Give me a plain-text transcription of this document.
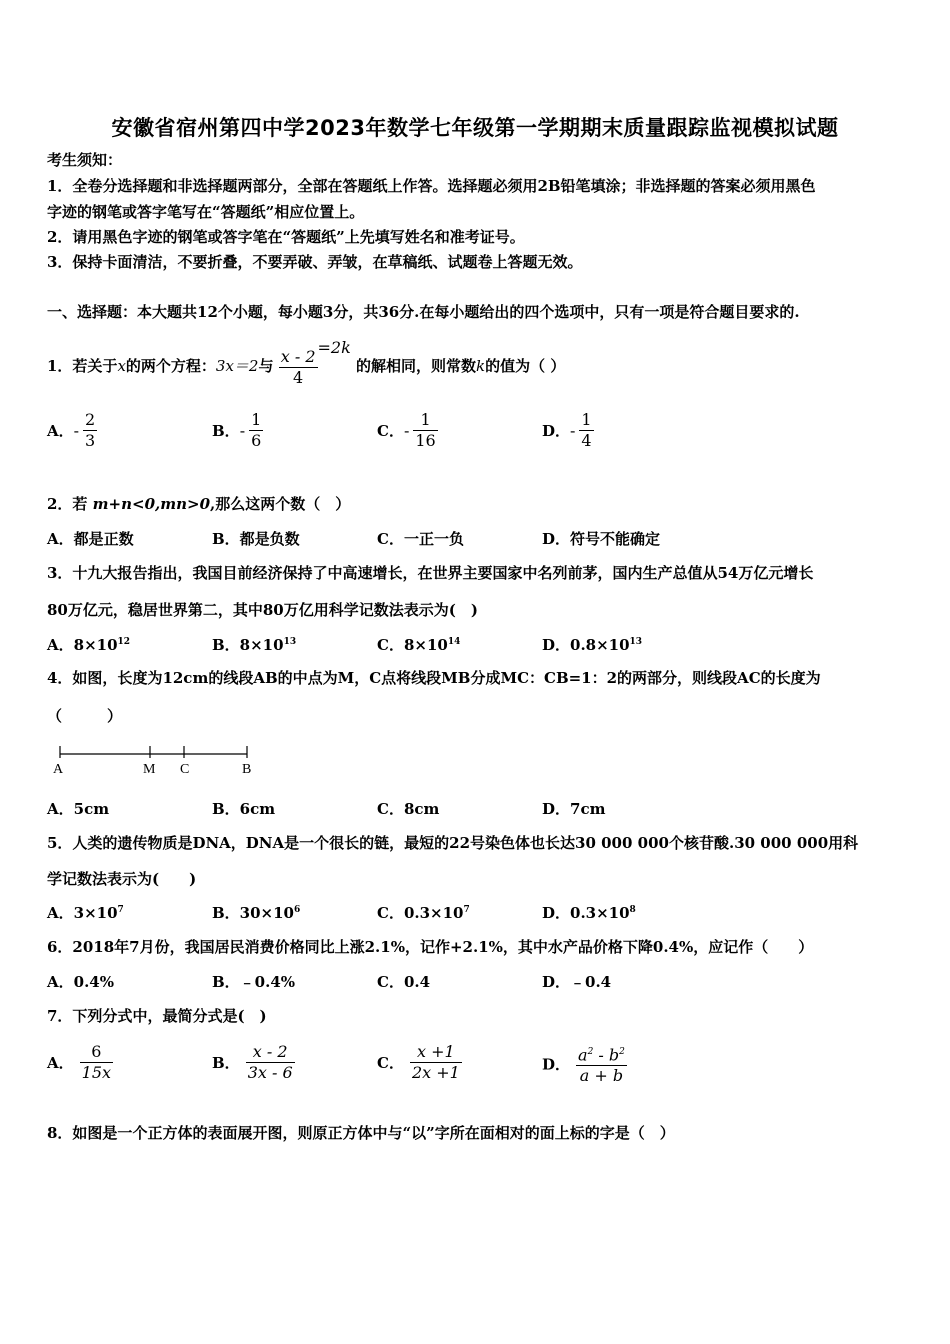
安徽省宿州第四中学2023年数学七年级第一学期期末质量跟踪监视模拟试题
考生须知：
1．全卷分选择题和非选择题两部分，全部在答题纸上作答。选择题必须用2B铅笔填涂；非选择题的答案必须用黑色
字迹的钢笔或答字笔写在“答题纸”相应位置上。
2．请用黑色字迹的钢笔或答字笔在“答题纸”上先填写姓名和准考证号。
3．保持卡面清洁，不要折叠，不要弄破、弄皱，在草稿纸、试题卷上答题无效。
一、选择题：本大题共12个小题，每小题3分，共36分.在每小题给出的四个选项中，只有一项是符合题目要求的.
1．若关于x的两个方程：3x＝2与 $\frac{x - 2}{4} =2k$ 的解相同，则常数k的值为（ ）
A．- $\frac{2}{3}$	B．- $\frac{1}{6}$	C．- $\frac{1}{16}$	D．- $\frac{1}{4}$
2．若 m+n<0,mn>0,那么这两个数（　）
A．都是正数	B．都是负数	C．一正一负	D．符号不能确定
3．十九大报告指出，我国目前经济保持了中高速增长，在世界主要国家中名列前茅，国内生产总值从54万亿元增长
80万亿元，稳居世界第二，其中80万亿用科学记数法表示为(　)
A．$8\times 10^{12}$	B．$8\times 10^{13}$	C．$8\times 10^{14}$	D．$0.8\times 10^{13}$
4．如图，长度为12cm的线段AB的中点为M，C点将线段MB分成MC：CB=1：2的两部分，则线段AC的长度为
（　　　）
A	M C	B
A．5cm	B．6cm	C．8cm	D．7cm
5．人类的遗传物质是DNA，DNA是一个很长的链，最短的22号染色体也长达30 000 000个核苷酸.30 000 000用科
学记数法表示为(　　)
A．$3\times 10^7$	B．$30\times 10^6$	C．$0.3\times 10^7$	D．$0.3\times 10^8$
6．2018年7月份，我国居民消费价格同比上涨2.1%，记作+2.1%，其中水产品价格下降0.4%，应记作（　　）
A．0.4%	B．﹣0.4%	C．0.4	D．﹣0.4
7．下列分式中，最简分式是(　)
A． $\frac{6}{15x}$	B． $\frac{x - 2}{3x - 6}$	C． $\frac{x +1}{2x +1}$	D． $\frac{a^2 - b^2}{a + b}$
8．如图是一个正方体的表面展开图，则原正方体中与“以”字所在面相对的面上标的字是（　）
